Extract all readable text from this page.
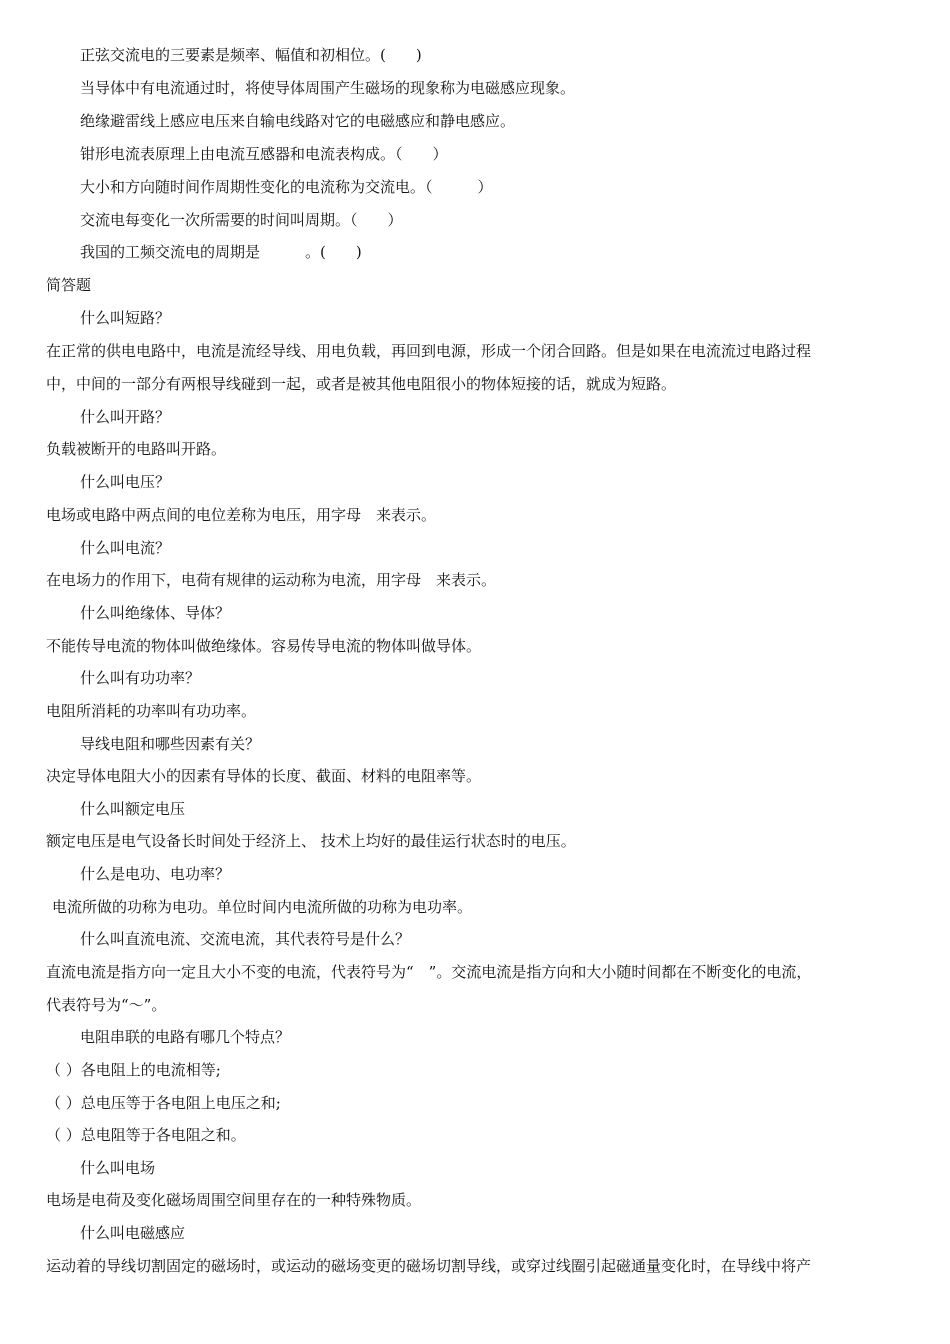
正弦交流电的三要素是频率、幅值和初相位。(　　)
当导体中有电流通过时，将使导体周围产生磁场的现象称为电磁感应现象。
绝缘避雷线上感应电压来自输电线路对它的电磁感应和静电感应。
钳形电流表原理上由电流互感器和电流表构成。（　　）
大小和方向随时间作周期性变化的电流称为交流电。（　　　）
交流电每变化一次所需要的时间叫周期。（　　）
我国的工频交流电的周期是　　　。(　　)
简答题
什么叫短路？
在正常的供电电路中，电流是流经导线、用电负载，再回到电源，形成一个闭合回路。但是如果在电流流过电路过程
中，中间的一部分有两根导线碰到一起，或者是被其他电阻很小的物体短接的话，就成为短路。
什么叫开路？
负载被断开的电路叫开路。
什么叫电压？
电场或电路中两点间的电位差称为电压，用字母　来表示。
什么叫电流？
在电场力的作用下，电荷有规律的运动称为电流，用字母　来表示。
什么叫绝缘体、导体？
不能传导电流的物体叫做绝缘体。容易传导电流的物体叫做导体。
什么叫有功功率？
电阻所消耗的功率叫有功功率。
导线电阻和哪些因素有关？
决定导体电阻大小的因素有导体的长度、截面、材料的电阻率等。
什么叫额定电压
额定电压是电气设备长时间处于经济上、 技术上均好的最佳运行状态时的电压。
什么是电功、电功率？
电流所做的功称为电功。单位时间内电流所做的功称为电功率。
什么叫直流电流、交流电流，其代表符号是什么？
直流电流是指方向一定且大小不变的电流，代表符号为“　”。交流电流是指方向和大小随时间都在不断变化的电流，
代表符号为“～”。
电阻串联的电路有哪几个特点？
（ ）各电阻上的电流相等;
（ ）总电压等于各电阻上电压之和;
（ ）总电阻等于各电阻之和。
什么叫电场
电场是电荷及变化磁场周围空间里存在的一种特殊物质。
什么叫电磁感应
运动着的导线切割固定的磁场时，或运动的磁场变更的磁场切割导线，或穿过线圈引起磁通量变化时，在导线中将产
